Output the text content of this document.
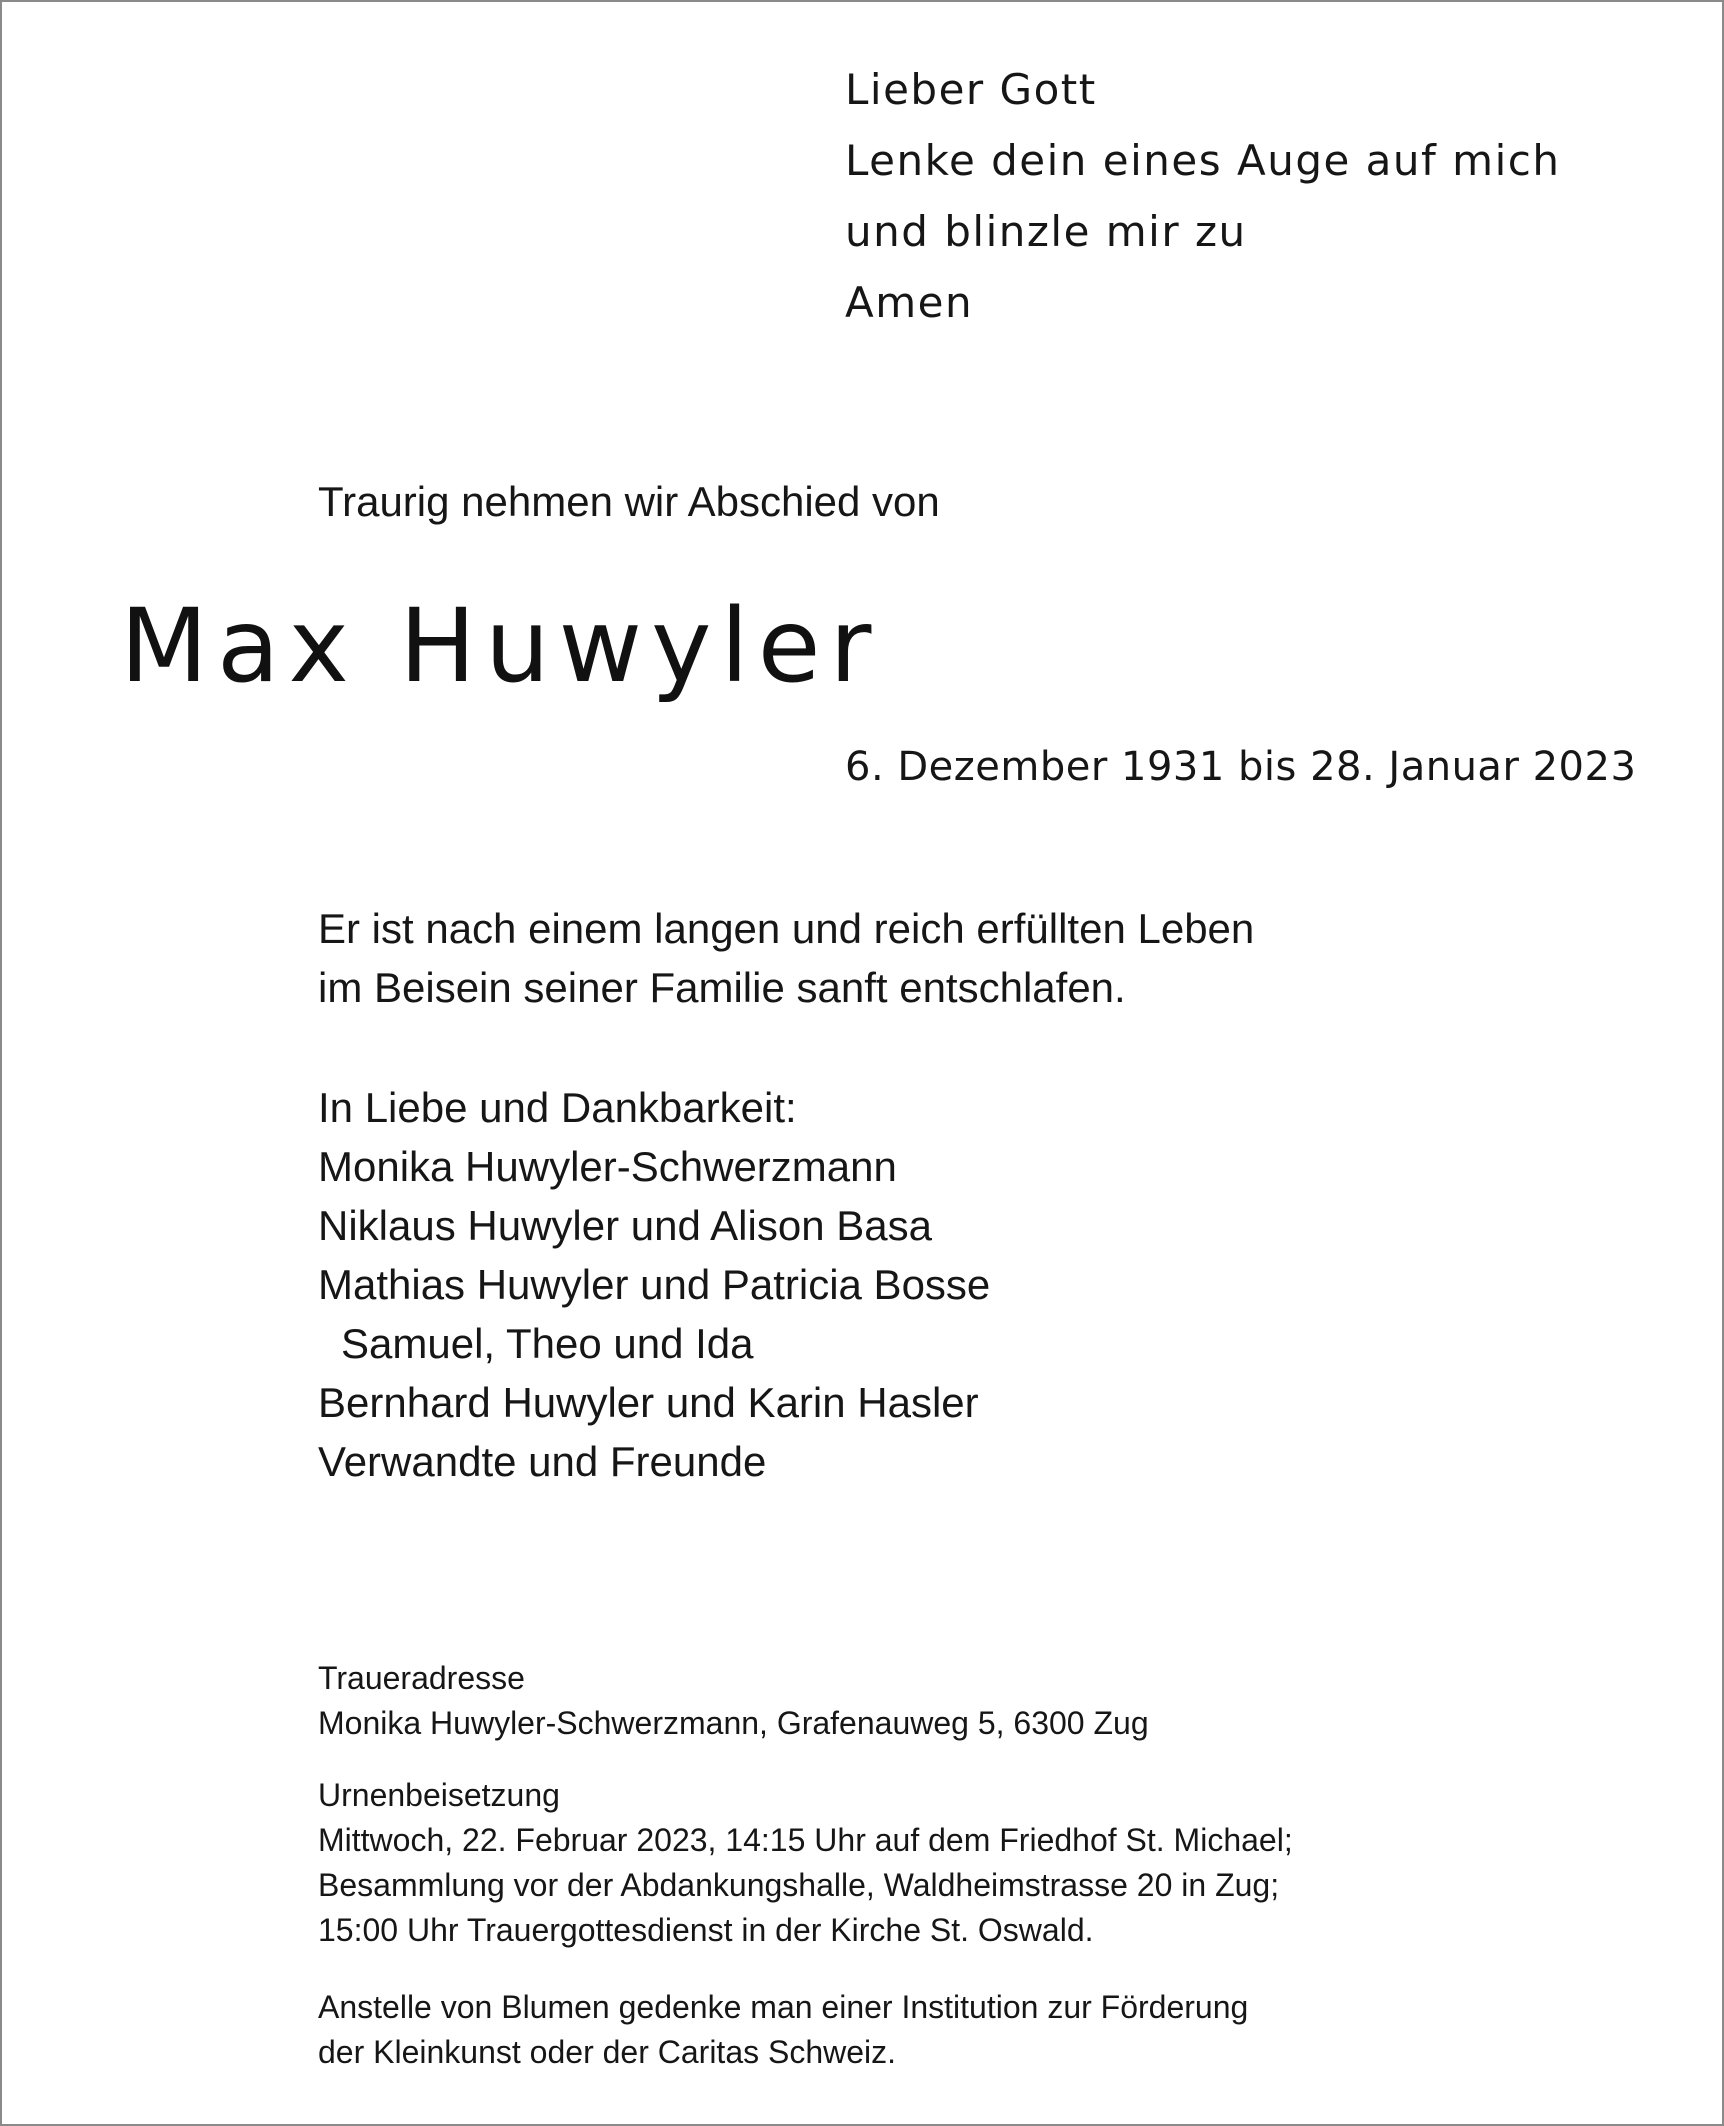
Lieber Gott
Lenke dein eines Auge auf mich
und blinzle mir zu
Amen
Traurig nehmen wir Abschied von
Max Huwyler
6. Dezember 1931 bis 28. Januar 2023
Er ist nach einem langen und reich erfüllten Leben
im Beisein seiner Familie sanft entschlafen.
In Liebe und Dankbarkeit:
Monika Huwyler-Schwerzmann
Niklaus Huwyler und Alison Basa
Mathias Huwyler und Patricia Bosse
Samuel, Theo und Ida
Bernhard Huwyler und Karin Hasler
Verwandte und Freunde
Traueradresse
Monika Huwyler-Schwerzmann, Grafenauweg 5, 6300 Zug
Urnenbeisetzung
Mittwoch, 22. Februar 2023, 14:15 Uhr auf dem Friedhof St. Michael;
Besammlung vor der Abdankungshalle, Waldheimstrasse 20 in Zug;
15:00 Uhr Trauergottesdienst in der Kirche St. Oswald.
Anstelle von Blumen gedenke man einer Institution zur Förderung
der Kleinkunst oder der Caritas Schweiz.
